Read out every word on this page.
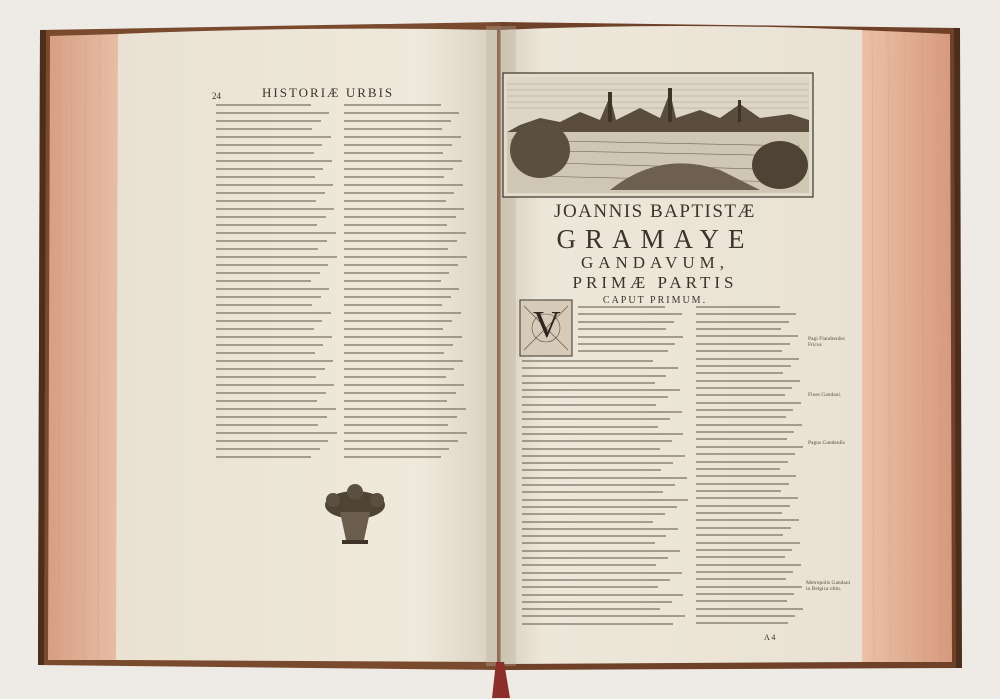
24	HISTORIÆ URBIS
JOANNIS BAPTISTÆ
GRAMAYE
GANDAVUM,
PRIMÆ PARTIS
CAPUT PRIMUM.
V	Pagi Flandrenſes Fricus
Fines Gandaui.
Pagus Gandenſis
Metropolis Gandaui in Belgica olim.
A 4
